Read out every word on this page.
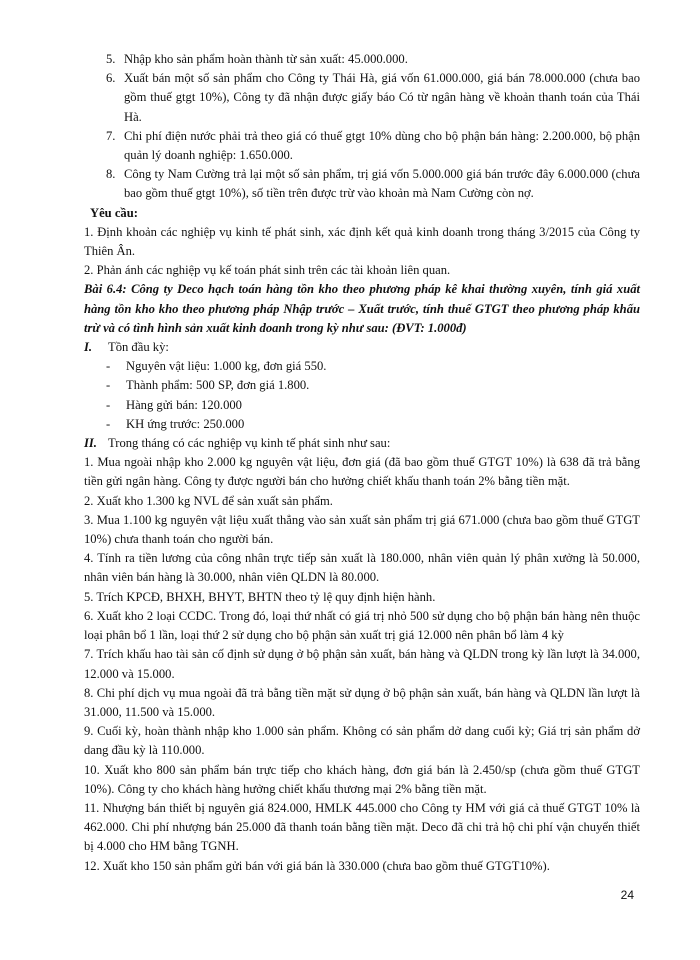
5. Nhập kho sản phẩm hoàn thành từ sản xuất: 45.000.000.
6. Xuất bán một số sản phẩm cho Công ty Thái Hà, giá vốn 61.000.000, giá bán 78.000.000 (chưa bao gồm thuế gtgt 10%), Công ty đã nhận được giấy báo Có từ ngân hàng về khoản thanh toán của Thái Hà.
7. Chi phí điện nước phải trả theo giá có thuế gtgt 10% dùng cho bộ phận bán hàng: 2.200.000, bộ phận quản lý doanh nghiệp: 1.650.000.
8. Công ty Nam Cường trả lại một số sản phẩm, trị giá vốn 5.000.000 giá bán trước đây 6.000.000 (chưa bao gồm thuế gtgt 10%), số tiền trên được trừ vào khoản mà Nam Cường còn nợ.
Yêu cầu:
1. Định khoản các nghiệp vụ kinh tế phát sinh, xác định kết quả kinh doanh trong tháng 3/2015 của Công ty Thiên Ân.
2. Phản ánh các nghiệp vụ kế toán phát sinh trên các tài khoản liên quan.
Bài 6.4: Công ty Deco hạch toán hàng tồn kho theo phương pháp kê khai thường xuyên, tính giá xuất hàng tồn kho kho theo phương pháp Nhập trước – Xuất trước, tính thuế GTGT theo phương pháp khấu trừ và có tình hình sản xuất kinh doanh trong kỳ như sau: (ĐVT: 1.000đ)
I.	Tồn đầu kỳ:
-	Nguyên vật liệu: 1.000 kg, đơn giá 550.
-	Thành phẩm: 500 SP, đơn giá 1.800.
-	Hàng gửi bán: 120.000
-	KH ứng trước: 250.000
II. Trong tháng có các nghiệp vụ kinh tế phát sinh như sau:
1. Mua ngoài nhập kho 2.000 kg nguyên vật liệu, đơn giá (đã bao gồm thuế GTGT 10%) là 638 đã trả bằng tiền gửi ngân hàng. Công ty được người bán cho hưởng chiết khấu thanh toán 2% bằng tiền mặt.
2. Xuất kho 1.300 kg NVL để sản xuất sản phẩm.
3. Mua 1.100 kg nguyên vật liệu xuất thẳng vào sản xuất sản phẩm trị giá 671.000 (chưa bao gồm thuế GTGT 10%) chưa thanh toán cho người bán.
4. Tính ra tiền lương của công nhân trực tiếp sản xuất là 180.000, nhân viên quản lý phân xưởng là 50.000, nhân viên bán hàng là 30.000, nhân viên QLDN là 80.000.
5. Trích KPCĐ, BHXH, BHYT, BHTN theo tỷ lệ quy định hiện hành.
6. Xuất kho 2 loại CCDC. Trong đó, loại thứ nhất có giá trị nhỏ 500 sử dụng cho bộ phận bán hàng nên thuộc loại phân bổ 1 lần, loại thứ 2 sử dụng cho bộ phận sản xuất trị giá 12.000 nên phân bổ làm 4 kỳ
7. Trích khấu hao tài sản cố định sử dụng ở bộ phận sản xuất, bán hàng và QLDN trong kỳ lần lượt là 34.000, 12.000 và 15.000.
8. Chi phí dịch vụ mua ngoài đã trả bằng tiền mặt sử dụng ở bộ phận sản xuất, bán hàng và QLDN lần lượt là 31.000, 11.500 và 15.000.
9. Cuối kỳ, hoàn thành nhập kho 1.000 sản phẩm. Không có sản phẩm dở dang cuối kỳ; Giá trị sản phẩm dở dang đầu kỳ là 110.000.
10. Xuất kho 800 sản phẩm bán trực tiếp cho khách hàng, đơn giá bán là 2.450/sp (chưa gồm thuế GTGT 10%). Công ty cho khách hàng hưởng chiết khấu thương mại 2% bằng tiền mặt.
11. Nhượng bán thiết bị nguyên giá 824.000, HMLK 445.000 cho Công ty HM với giá cả thuế GTGT 10% là 462.000. Chi phí nhượng bán 25.000 đã thanh toán bằng tiền mặt. Deco đã chi trả hộ chi phí vận chuyển thiết bị 4.000 cho HM bằng TGNH.
12. Xuất kho 150 sản phẩm gửi bán với giá bán là 330.000 (chưa bao gồm thuế GTGT10%).
24
